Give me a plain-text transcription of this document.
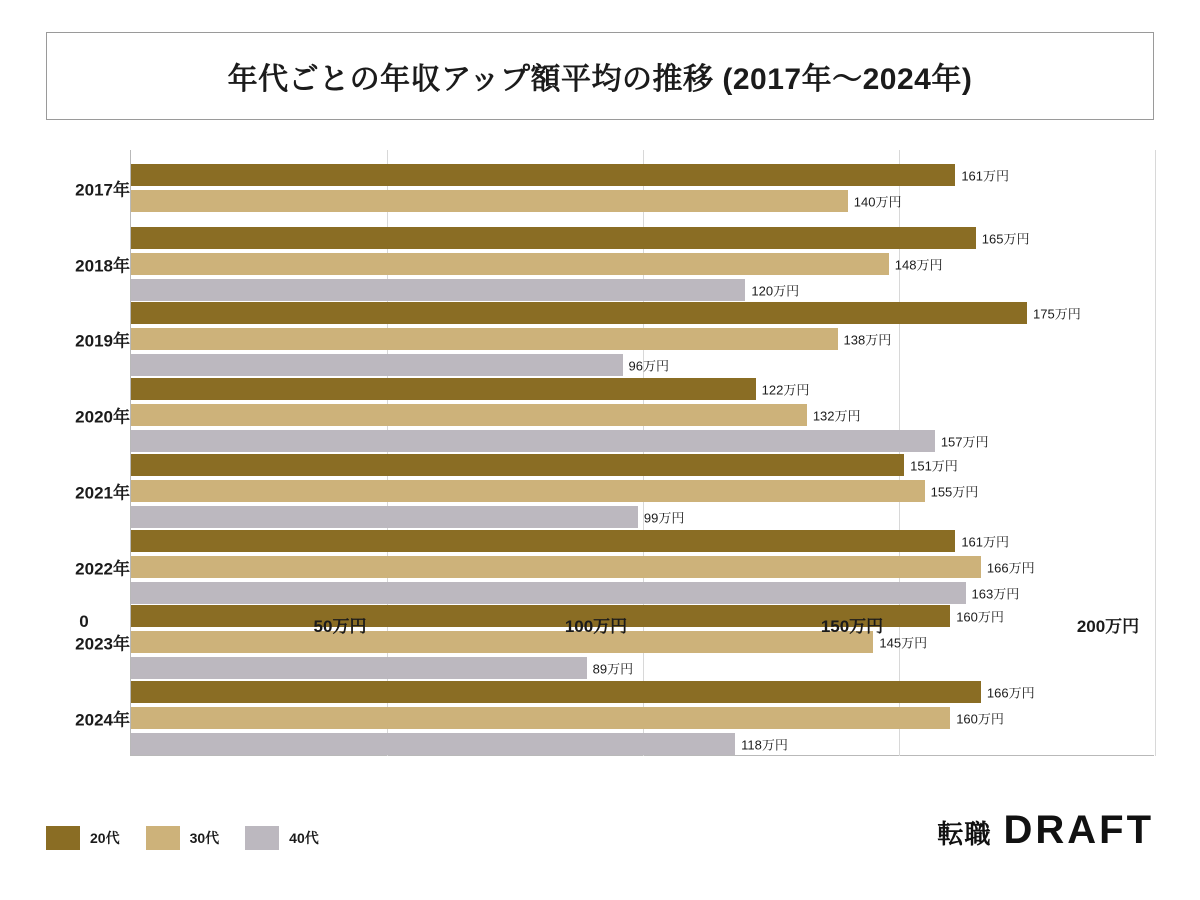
年代ごとの年収アップ額平均の推移 (2017年〜2024年)
2017年
2018年
2019年
2020年
2021年
2022年
2023年
2024年
161万円
140万円
165万円
148万円
120万円
175万円
138万円
96万円
122万円
132万円
157万円
151万円
155万円
99万円
161万円
166万円
163万円
160万円
145万円
89万円
166万円
160万円
118万円
0	50万円	100万円	150万円	200万円
20代	30代	40代	転職 DRAFT
